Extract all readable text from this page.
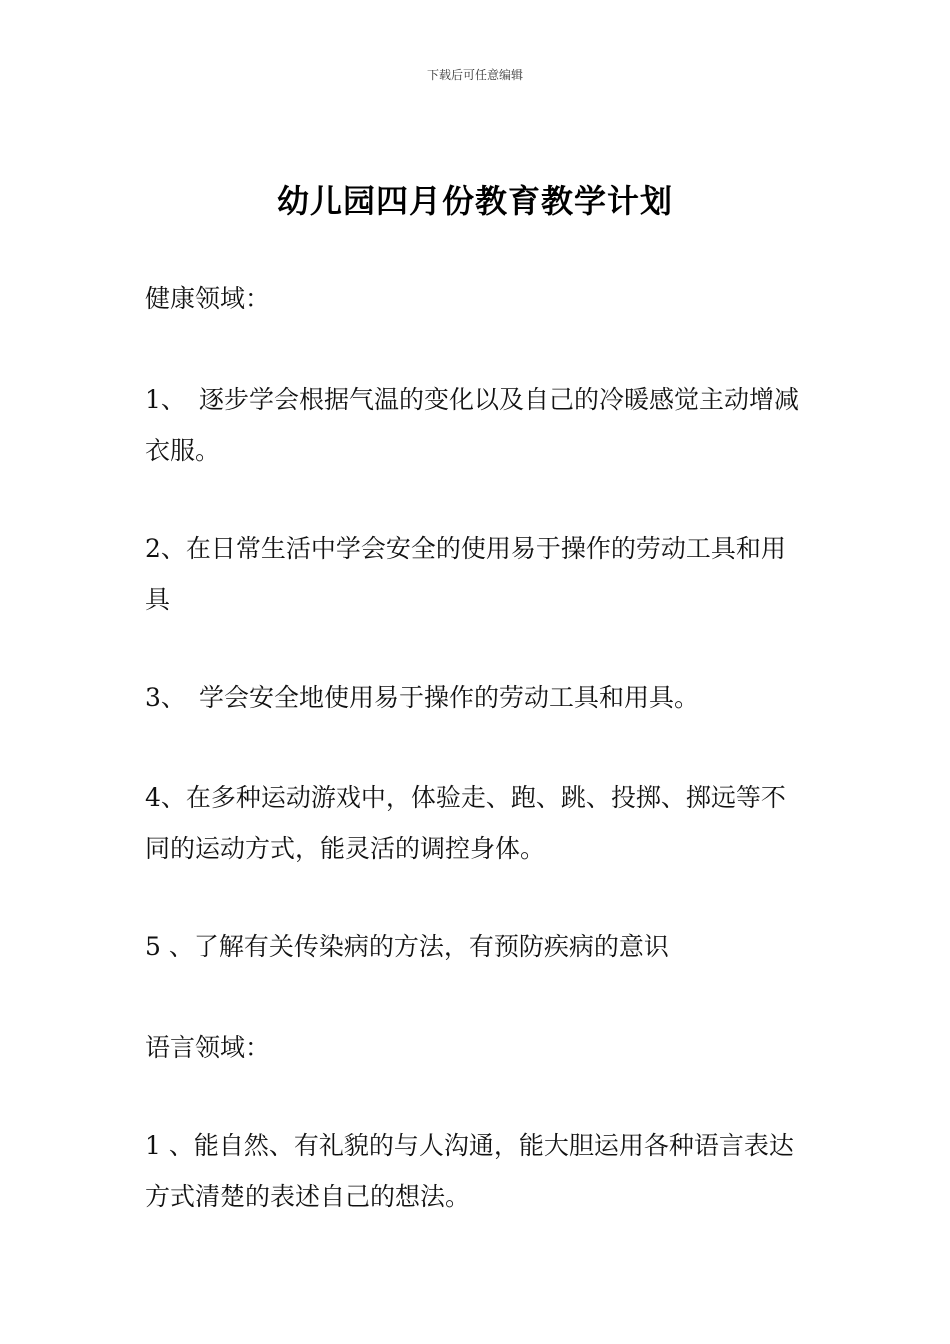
下载后可任意编辑
幼儿园四月份教育教学计划

健康领域：

1、 逐步学会根据气温的变化以及自己的冷暖感觉主动增减衣服。

2、在日常生活中学会安全的使用易于操作的劳动工具和用具

3、 学会安全地使用易于操作的劳动工具和用具。

4、在多种运动游戏中，体验走、跑、跳、投掷、掷远等不同的运动方式，能灵活的调控身体。

5 、了解有关传染病的方法，有预防疾病的意识

语言领域：

1 、能自然、有礼貌的与人沟通，能大胆运用各种语言表达方式清楚的表述自己的想法。
